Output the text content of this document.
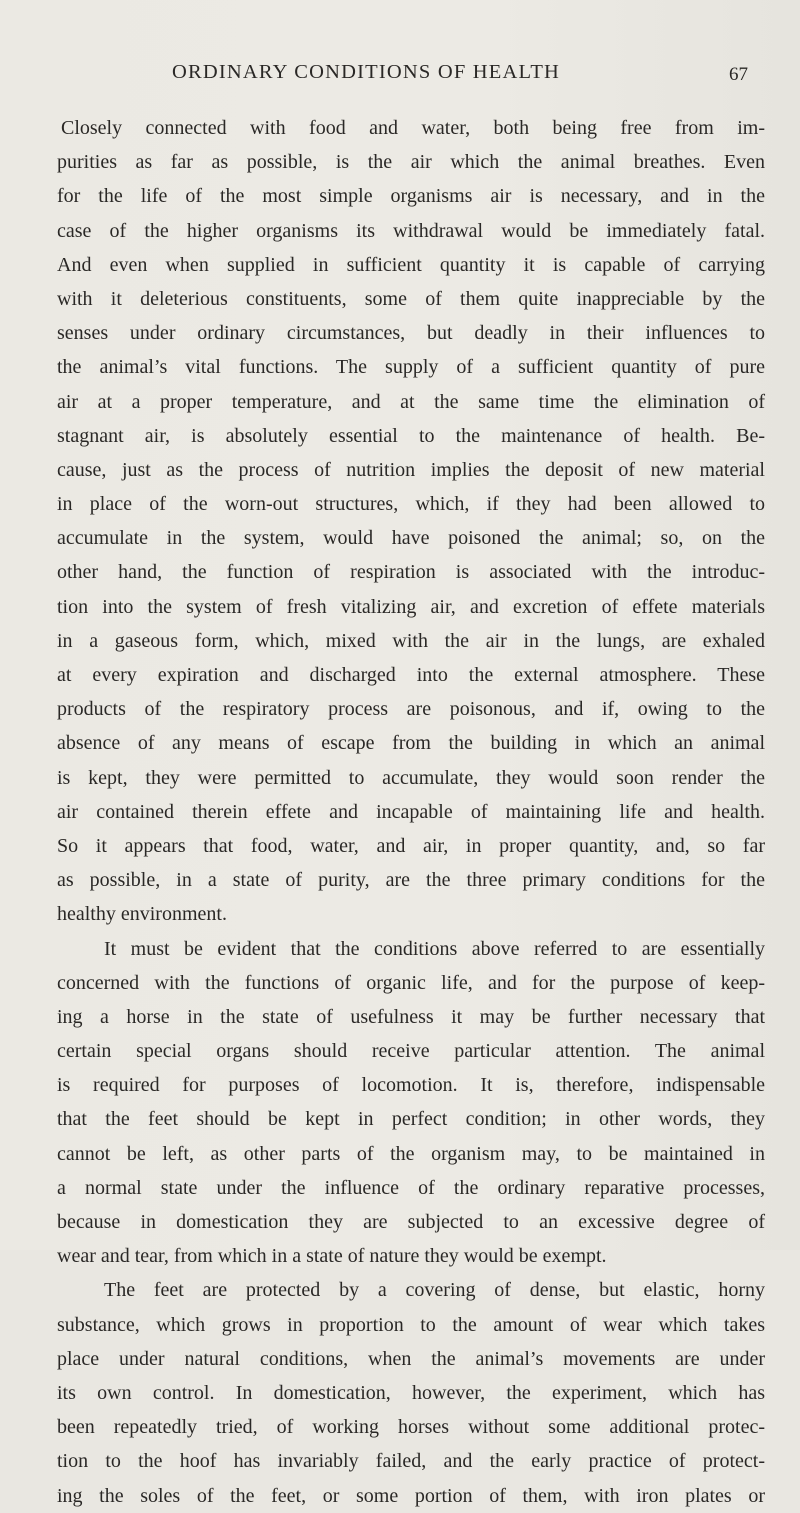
ORDINARY CONDITIONS OF HEALTH	67
Closely connected with food and water, both being free from im-
purities as far as possible, is the air which the animal breathes. Even
for the life of the most simple organisms air is necessary, and in the
case of the higher organisms its withdrawal would be immediately fatal.
And even when supplied in sufficient quantity it is capable of carrying
with it deleterious constituents, some of them quite inappreciable by the
senses under ordinary circumstances, but deadly in their influences to
the animal’s vital functions. The supply of a sufficient quantity of pure
air at a proper temperature, and at the same time the elimination of
stagnant air, is absolutely essential to the maintenance of health. Be-
cause, just as the process of nutrition implies the deposit of new material
in place of the worn-out structures, which, if they had been allowed to
accumulate in the system, would have poisoned the animal; so, on the
other hand, the function of respiration is associated with the introduc-
tion into the system of fresh vitalizing air, and excretion of effete materials
in a gaseous form, which, mixed with the air in the lungs, are exhaled
at every expiration and discharged into the external atmosphere. These
products of the respiratory process are poisonous, and if, owing to the
absence of any means of escape from the building in which an animal
is kept, they were permitted to accumulate, they would soon render the
air contained therein effete and incapable of maintaining life and health.
So it appears that food, water, and air, in proper quantity, and, so far
as possible, in a state of purity, are the three primary conditions for the
healthy environment.
It must be evident that the conditions above referred to are essentially
concerned with the functions of organic life, and for the purpose of keep-
ing a horse in the state of usefulness it may be further necessary that
certain special organs should receive particular attention. The animal
is required for purposes of locomotion. It is, therefore, indispensable
that the feet should be kept in perfect condition; in other words, they
cannot be left, as other parts of the organism may, to be maintained in
a normal state under the influence of the ordinary reparative processes,
because in domestication they are subjected to an excessive degree of
wear and tear, from which in a state of nature they would be exempt.
The feet are protected by a covering of dense, but elastic, horny
substance, which grows in proportion to the amount of wear which takes
place under natural conditions, when the animal’s movements are under
its own control. In domestication, however, the experiment, which has
been repeatedly tried, of working horses without some additional protec-
tion to the hoof has invariably failed, and the early practice of protect-
ing the soles of the feet, or some portion of them, with iron plates or
